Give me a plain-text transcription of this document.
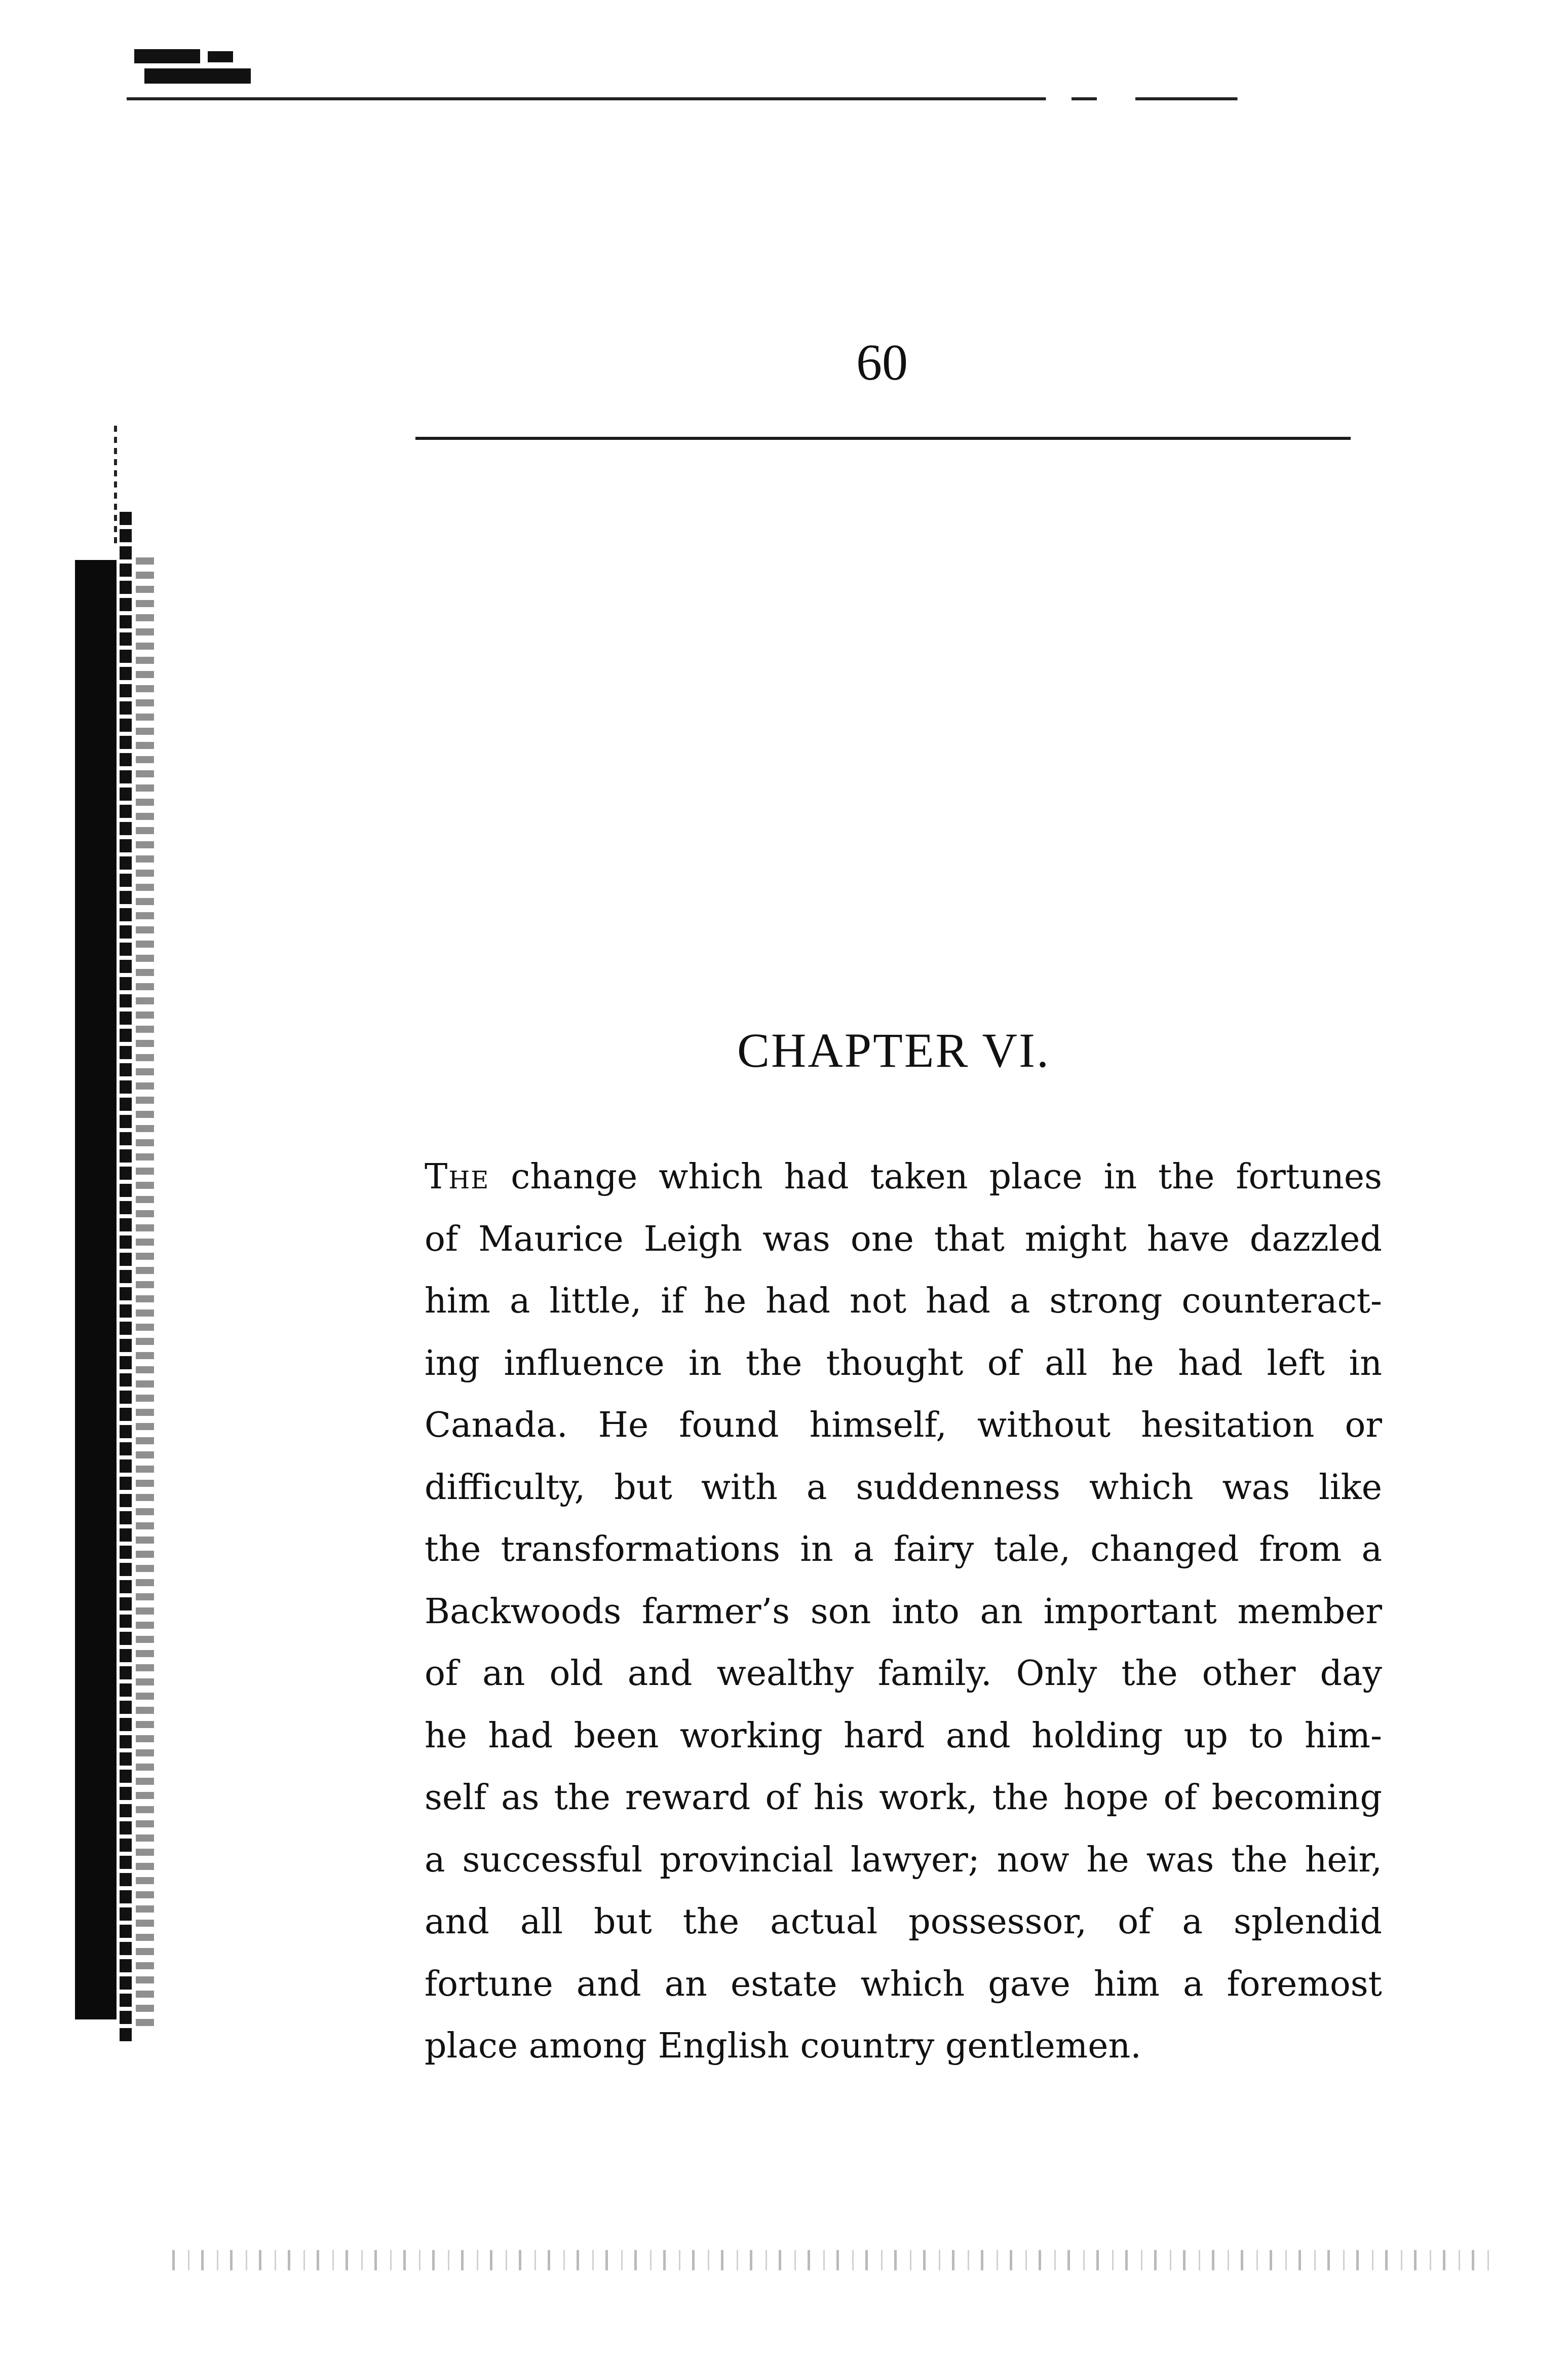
60
CHAPTER VI.

The change which had taken place in the fortunes
of Maurice Leigh was one that might have dazzled
him a little, if he had not had a strong counteract-
ing influence in the thought of all he had left in
Canada. He found himself, without hesitation or
difficulty, but with a suddenness which was like
the transformations in a fairy tale, changed from a
Backwoods farmer’s son into an important member
of an old and wealthy family. Only the other day
he had been working hard and holding up to him-
self as the reward of his work, the hope of becoming
a successful provincial lawyer; now he was the heir,
and all but the actual possessor, of a splendid
fortune and an estate which gave him a foremost
place among English country gentlemen.
